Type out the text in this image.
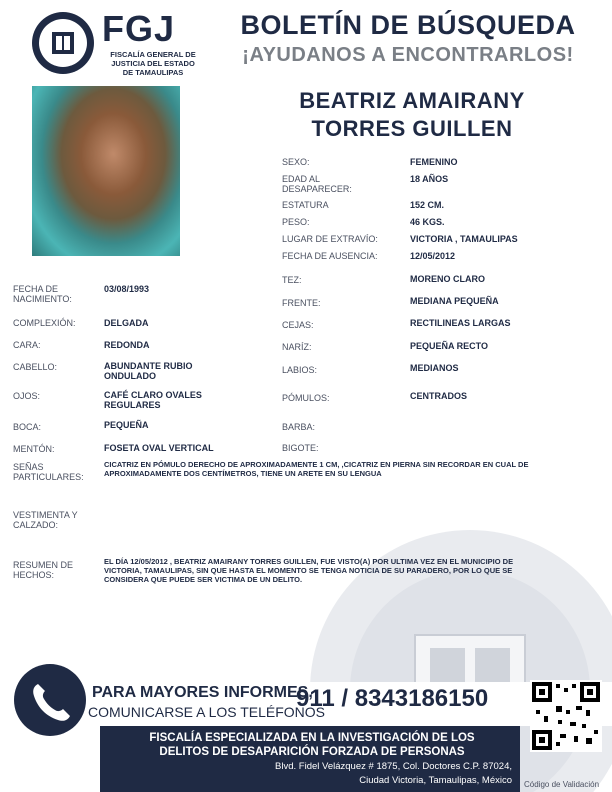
FGJ
FISCALÍA GENERAL DE
JUSTICIA DEL ESTADO
DE TAMAULIPAS
BOLETÍN DE BÚSQUEDA
¡AYUDANOS A ENCONTRARLOS!
BEATRIZ AMAIRANY
TORRES GUILLEN
SEXO:	FEMENINO
EDAD AL DESAPARECER:
18 AÑOS
ESTATURA	152 CM.
PESO:	46 KGS.
LUGAR DE EXTRAVÍO:	VICTORIA , TAMAULIPAS
FECHA DE AUSENCIA:	12/05/2012
TEZ:	MORENO CLARO
FRENTE:	MEDIANA PEQUEÑA
CEJAS:	RECTILINEAS LARGAS
NARÍZ:	PEQUEÑA RECTO
LABIOS:	MEDIANOS
PÓMULOS:	CENTRADOS
BARBA:
BIGOTE:
FECHA DE NACIMIENTO:
03/08/1993
COMPLEXIÓN:	DELGADA
CARA:	REDONDA
CABELLO:	ABUNDANTE RUBIO ONDULADO
OJOS:	CAFÉ CLARO OVALES REGULARES
BOCA:	PEQUEÑA
MENTÓN:	FOSETA OVAL VERTICAL
SEÑAS PARTICULARES:
CICATRIZ EN PÓMULO DERECHO DE APROXIMADAMENTE 1 CM, ,CICATRIZ EN PIERNA SIN RECORDAR EN CUAL DE APROXIMADAMENTE DOS CENTÍMETROS, TIENE UN ARETE EN SU LENGUA
VESTIMENTA Y CALZADO:
RESUMEN DE HECHOS:
EL DÍA 12/05/2012 , BEATRIZ AMAIRANY TORRES GUILLEN, FUE VISTO(A) POR ULTIMA VEZ EN EL MUNICIPIO DE VICTORIA, TAMAULIPAS, SIN QUE HASTA EL MOMENTO SE TENGA NOTICIA DE SU PARADERO, POR LO QUE SE CONSIDERA QUE PUEDE SER VICTIMA DE UN DELITO.
PARA MAYORES INFORMES,
COMUNICARSE A LOS TELÉFONOS
911 / 8343186150
FISCALÍA ESPECIALIZADA EN LA INVESTIGACIÓN DE LOS
DELITOS DE DESAPARICIÓN FORZADA DE PERSONAS
Blvd. Fidel Velázquez # 1875, Col. Doctores C.P. 87024,
Ciudad Victoria, Tamaulipas, México Código de Validación
